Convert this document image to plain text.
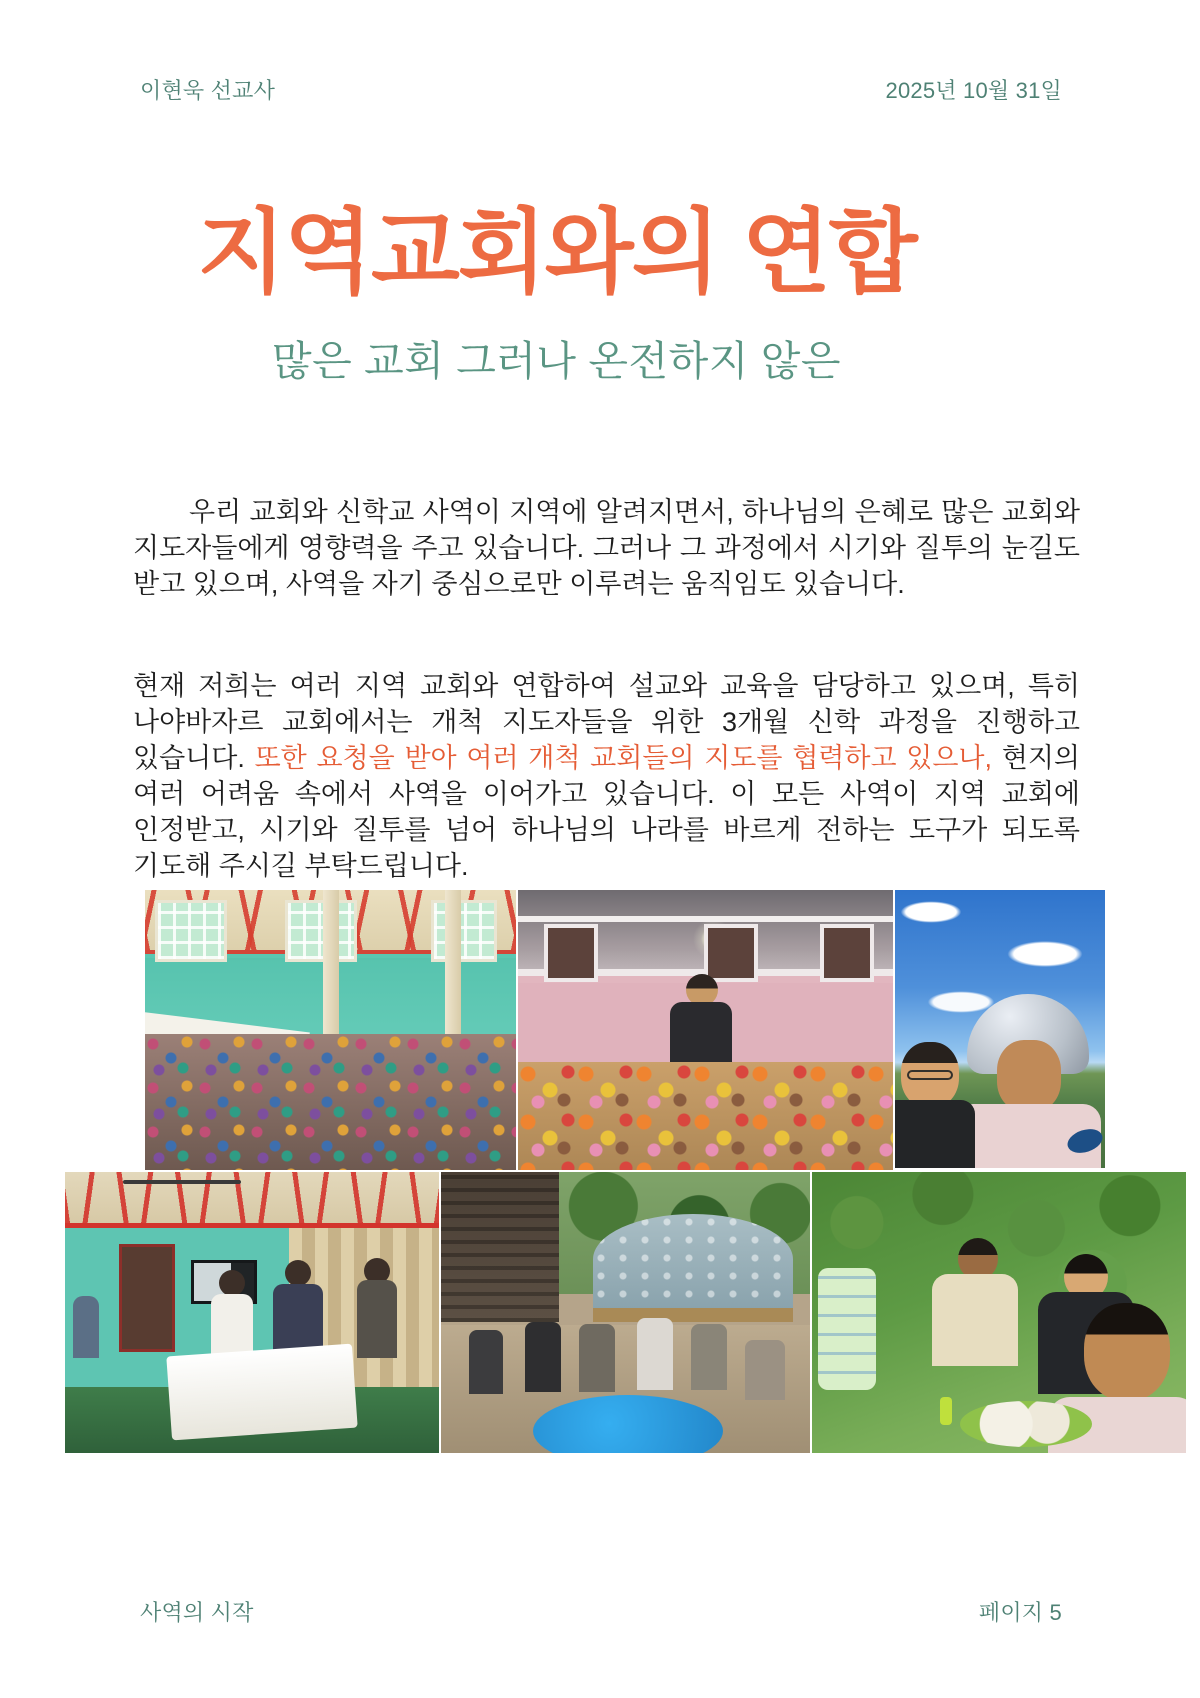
이현욱 선교사	2025년 10월 31일
지역교회와의 연합
많은 교회 그러나 온전하지 않은

우리 교회와 신학교 사역이 지역에 알려지면서, 하나님의 은혜로 많은 교회와 지도자들에게 영향력을 주고 있습니다. 그러나 그 과정에서 시기와 질투의 눈길도 받고 있으며, 사역을 자기 중심으로만 이루려는 움직임도 있습니다.

현재 저희는 여러 지역 교회와 연합하여 설교와 교육을 담당하고 있으며, 특히 나야바자르 교회에서는 개척 지도자들을 위한 3개월 신학 과정을 진행하고 있습니다. 또한 요청을 받아 여러 개척 교회들의 지도를 협력하고 있으나, 현지의 여러 어려움 속에서 사역을 이어가고 있습니다. 이 모든 사역이 지역 교회에 인정받고, 시기와 질투를 넘어 하나님의 나라를 바르게 전하는 도구가 되도록 기도해 주시길 부탁드립니다.

사역의 시작	페이지 5
